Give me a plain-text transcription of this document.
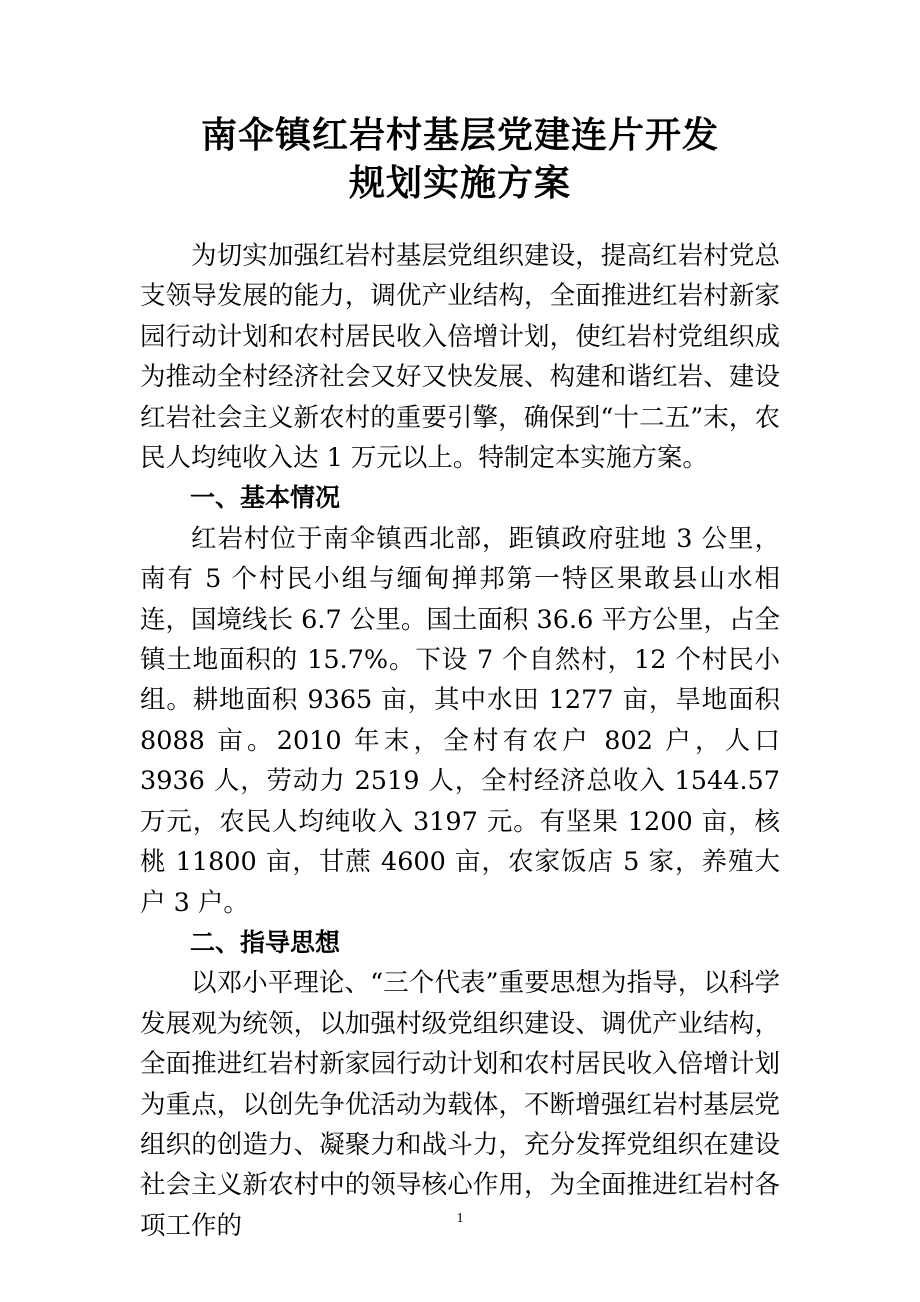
南伞镇红岩村基层党建连片开发
规划实施方案

为切实加强红岩村基层党组织建设，提高红岩村党总支领导发展的能力，调优产业结构，全面推进红岩村新家园行动计划和农村居民收入倍增计划，使红岩村党组织成为推动全村经济社会又好又快发展、构建和谐红岩、建设红岩社会主义新农村的重要引擎，确保到“十二五”末，农民人均纯收入达 1 万元以上。特制定本实施方案。

一、基本情况

红岩村位于南伞镇西北部，距镇政府驻地 3 公里，南有 5 个村民小组与缅甸掸邦第一特区果敢县山水相连，国境线长 6.7 公里。国土面积 36.6 平方公里，占全镇土地面积的 15.7%。下设 7 个自然村，12 个村民小组。耕地面积 9365 亩，其中水田 1277 亩，旱地面积 8088 亩。2010 年末，全村有农户 802 户，人口 3936 人，劳动力 2519 人，全村经济总收入 1544.57 万元，农民人均纯收入 3197 元。有坚果 1200 亩，核桃 11800 亩，甘蔗 4600 亩，农家饭店 5 家，养殖大户 3 户。

二、指导思想

以邓小平理论、“三个代表”重要思想为指导，以科学发展观为统领，以加强村级党组织建设、调优产业结构，全面推进红岩村新家园行动计划和农村居民收入倍增计划为重点，以创先争优活动为载体，不断增强红岩村基层党组织的创造力、凝聚力和战斗力，充分发挥党组织在建设社会主义新农村中的领导核心作用，为全面推进红岩村各项工作的	1
